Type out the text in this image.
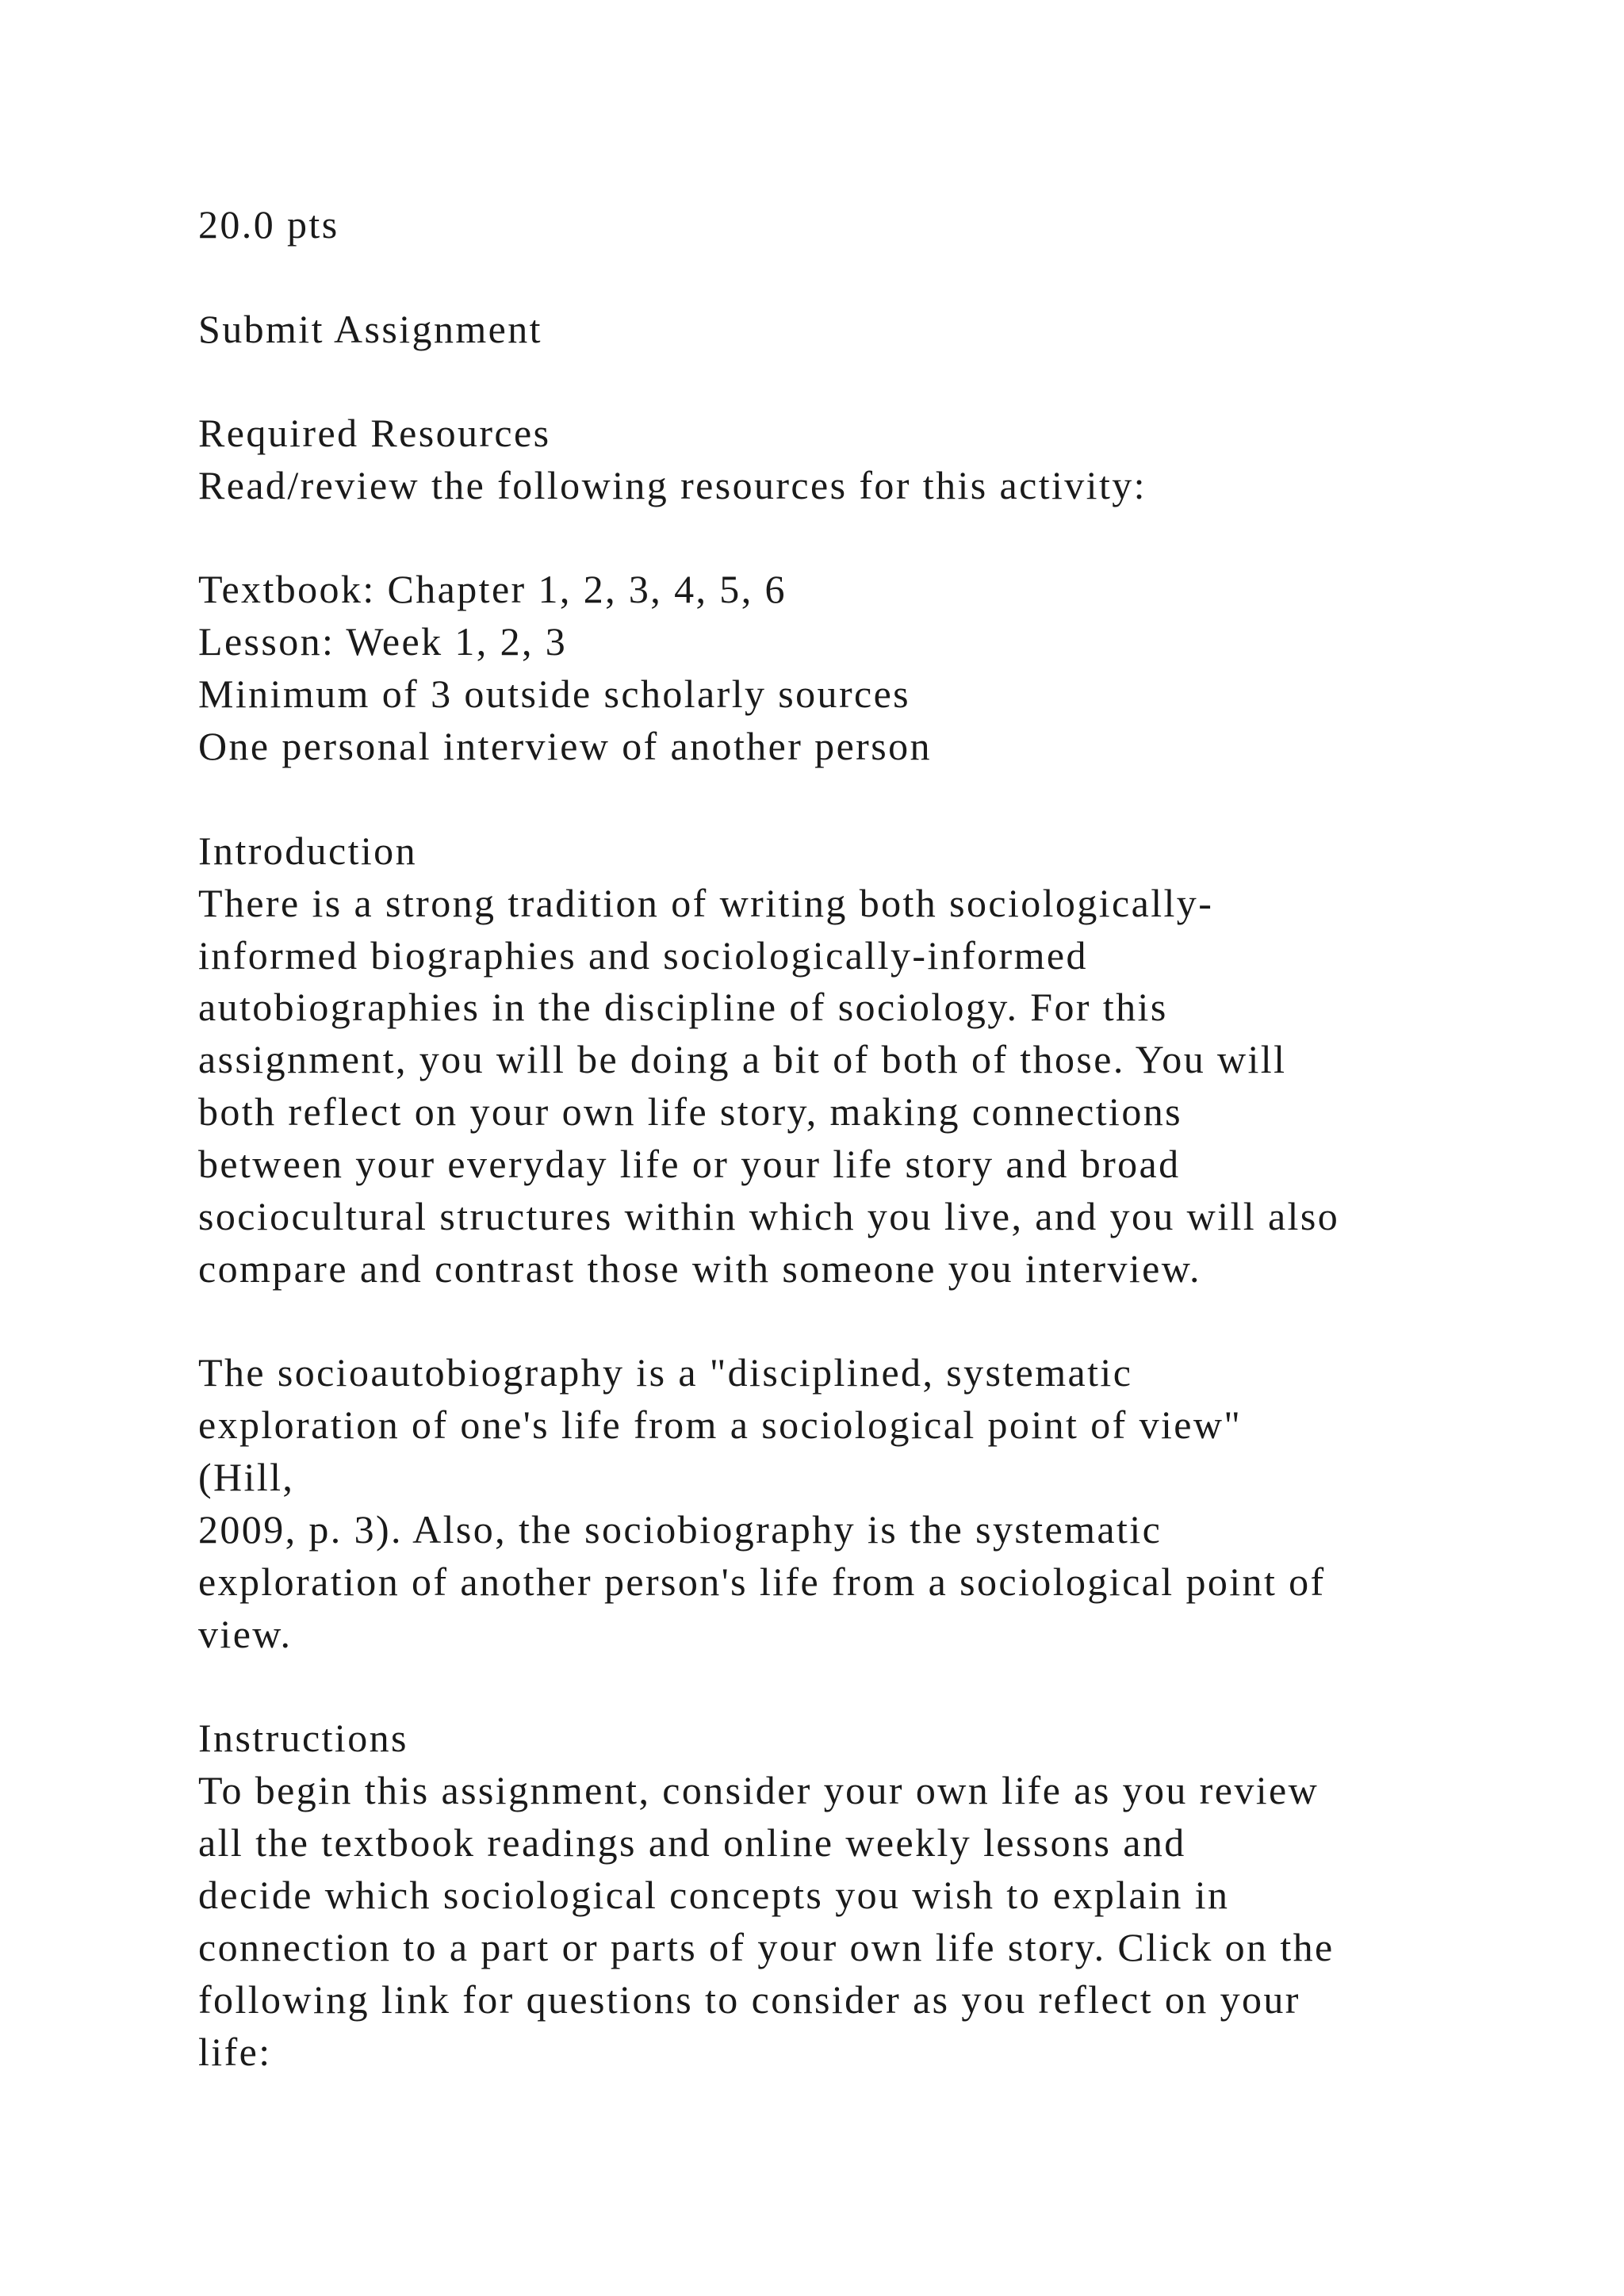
20.0 pts
Submit Assignment
Required Resources
Read/review the following resources for this activity:
Textbook: Chapter 1, 2, 3, 4, 5, 6
Lesson: Week 1, 2, 3
Minimum of 3 outside scholarly sources
One personal interview of another person
Introduction
There is a strong tradition of writing both sociologically-
informed biographies and sociologically-informed
autobiographies in the discipline of sociology. For this
assignment, you will be doing a bit of both of those. You will
both reflect on your own life story, making connections
between your everyday life or your life story and broad
sociocultural structures within which you live, and you will also
compare and contrast those with someone you interview.
The socioautobiography is a "disciplined, systematic
exploration of one's life from a sociological point of view"
(Hill,
2009, p. 3). Also, the sociobiography is the systematic
exploration of another person's life from a sociological point of
view.
Instructions
To begin this assignment, consider your own life as you review
all the textbook readings and online weekly lessons and
decide which sociological concepts you wish to explain in
connection to a part or parts of your own life story. Click on the
following link for questions to consider as you reflect on your
life:
